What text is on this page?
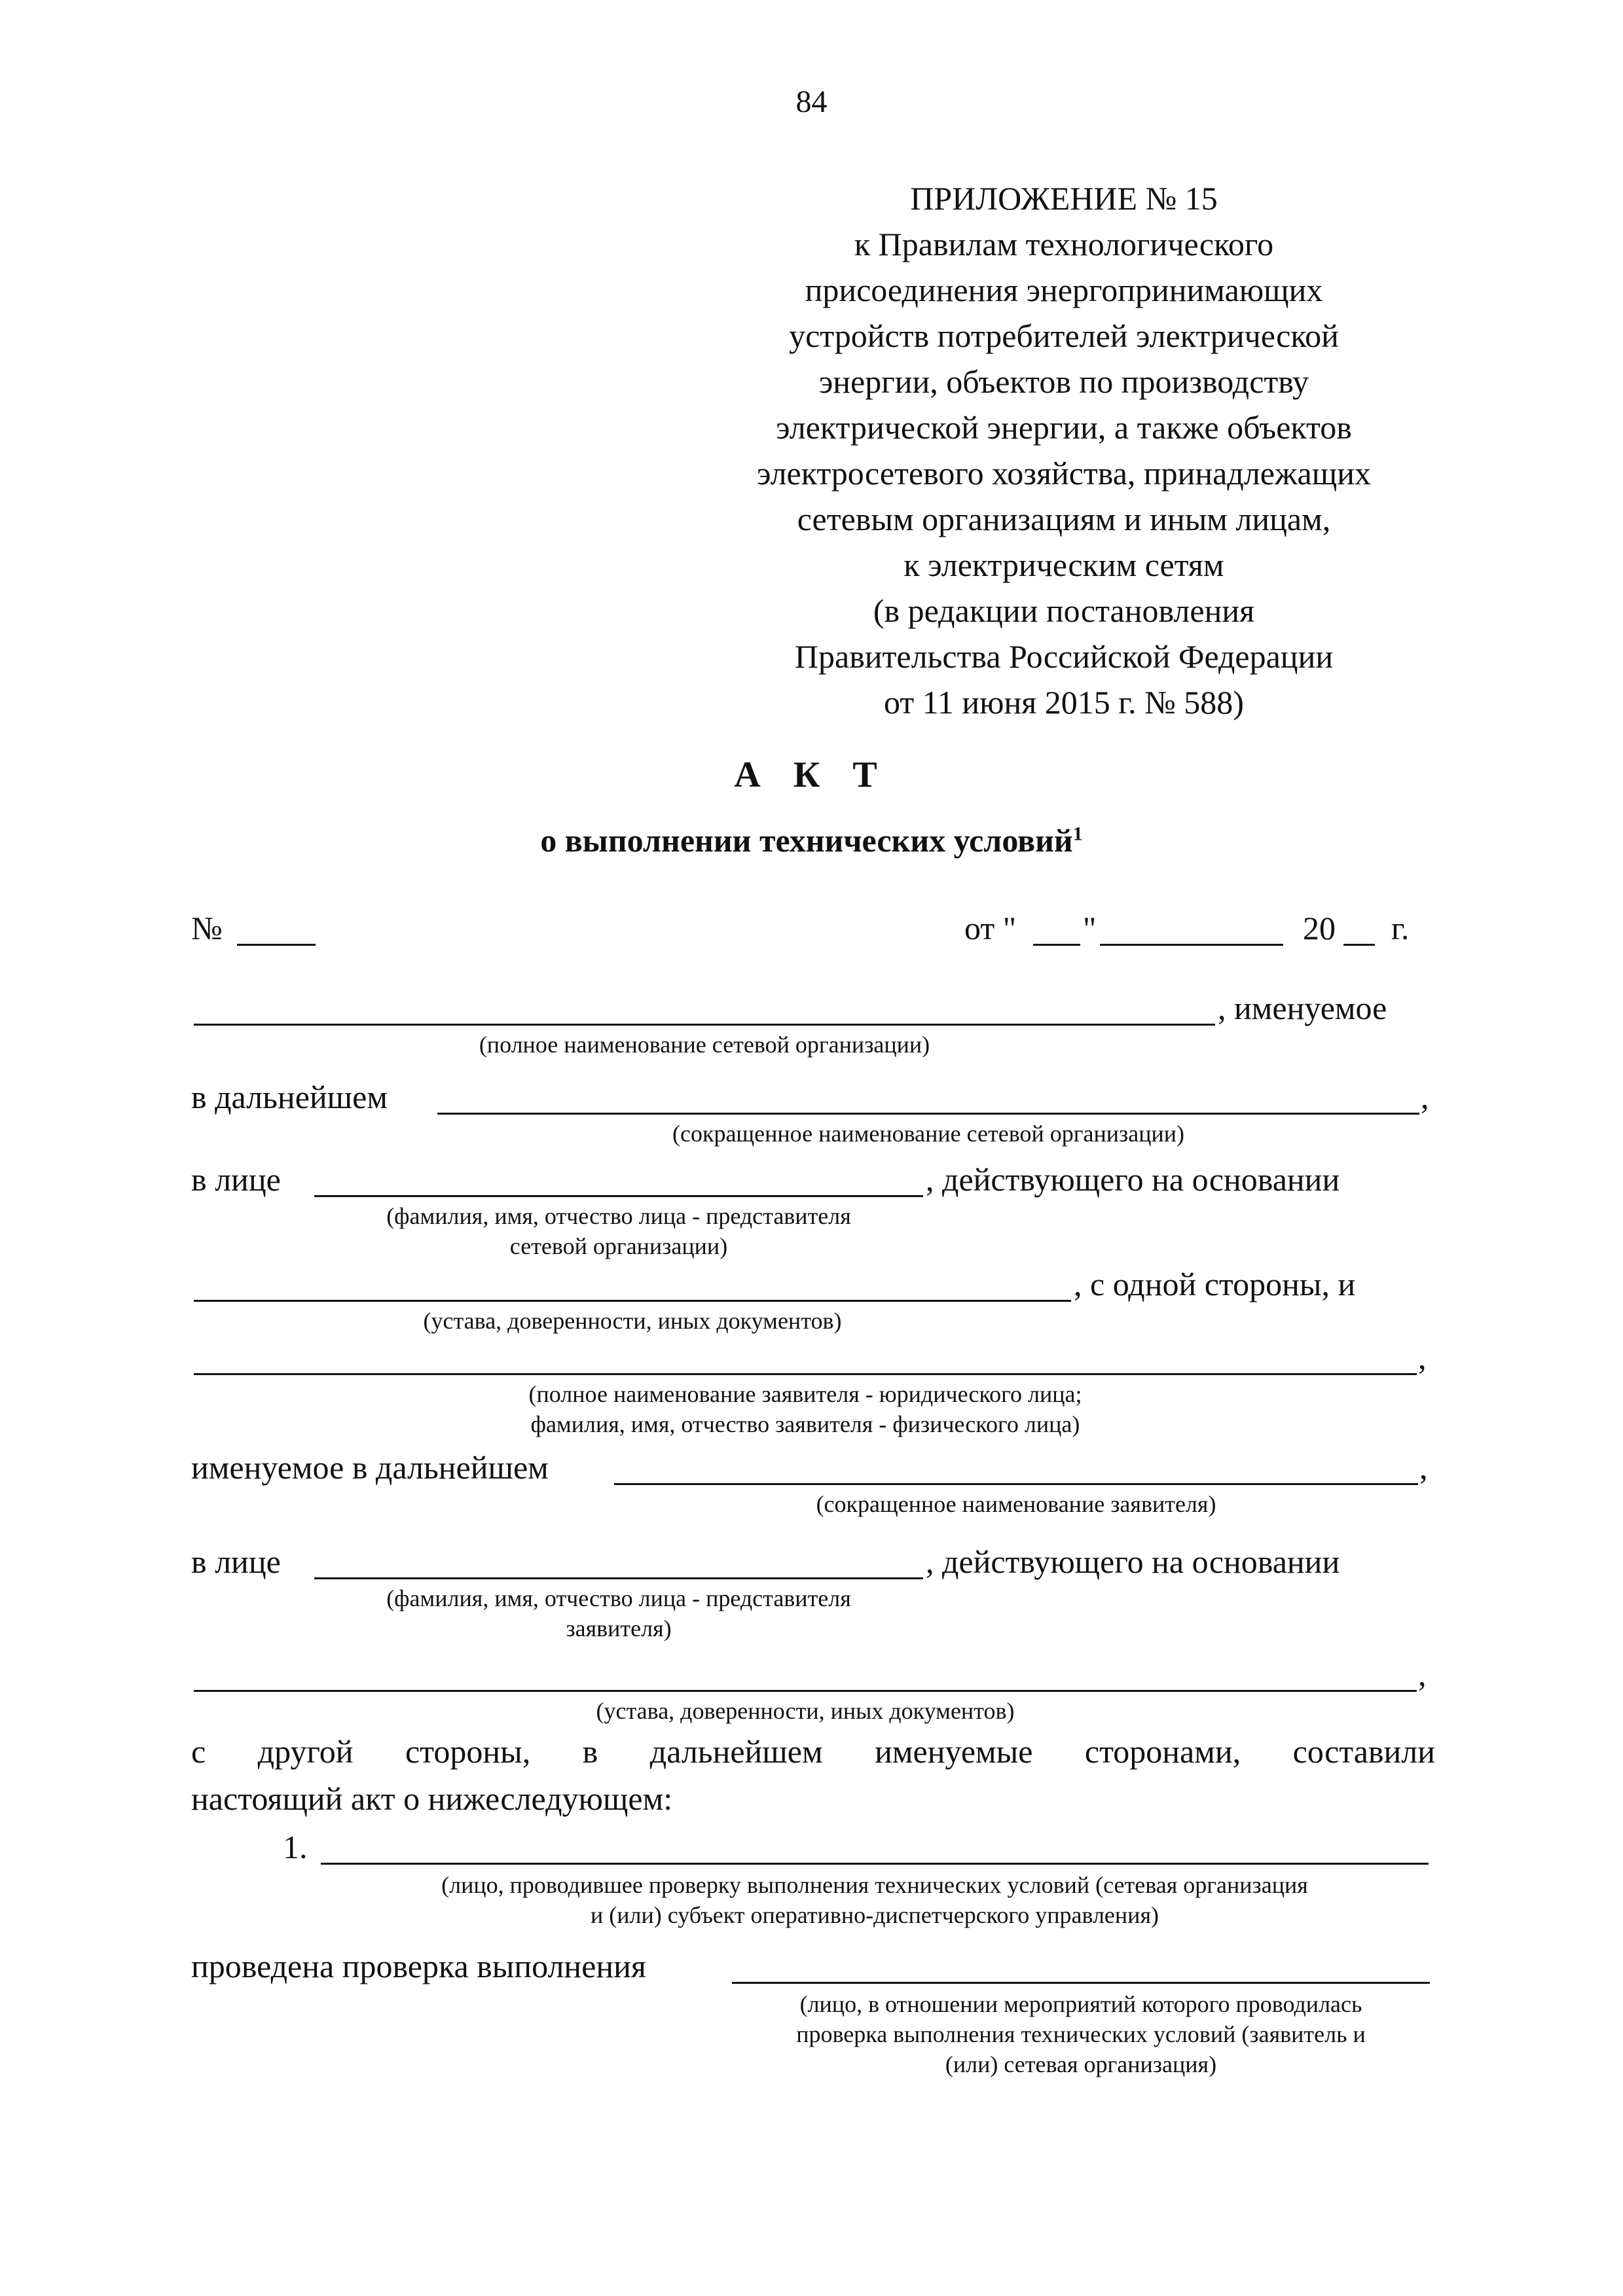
84
ПРИЛОЖЕНИЕ № 15
к Правилам технологического
присоединения энергопринимающих
устройств потребителей электрической
энергии, объектов по производству
электрической энергии, а также объектов
электросетевого хозяйства, принадлежащих
сетевым организациям и иным лицам,
к электрическим сетям
(в редакции постановления
Правительства Российской Федерации
от 11 июня 2015 г. № 588)
А К Т
о выполнении технических условий$^1$
№	от " "	20 г.
, именуемое
(полное наименование сетевой организации)
в дальнейшем	,
(сокращенное наименование сетевой организации)
в лице	, действующего на основании
(фамилия, имя, отчество лица - представителя
сетевой организации)
, с одной стороны, и
(устава, доверенности, иных документов)
,
(полное наименование заявителя - юридического лица;
фамилия, имя, отчество заявителя - физического лица)
именуемое в дальнейшем	,
(сокращенное наименование заявителя)
в лице	, действующего на основании
(фамилия, имя, отчество лица - представителя
заявителя)
,
(устава, доверенности, иных документов)
с другой стороны, в дальнейшем именуемые сторонами, составили
настоящий акт о нижеследующем:
1.
(лицо, проводившее проверку выполнения технических условий (сетевая организация
и (или) субъект оперативно-диспетчерского управления)
проведена проверка выполнения
(лицо, в отношении мероприятий которого проводилась
проверка выполнения технических условий (заявитель и
(или) сетевая организация)
